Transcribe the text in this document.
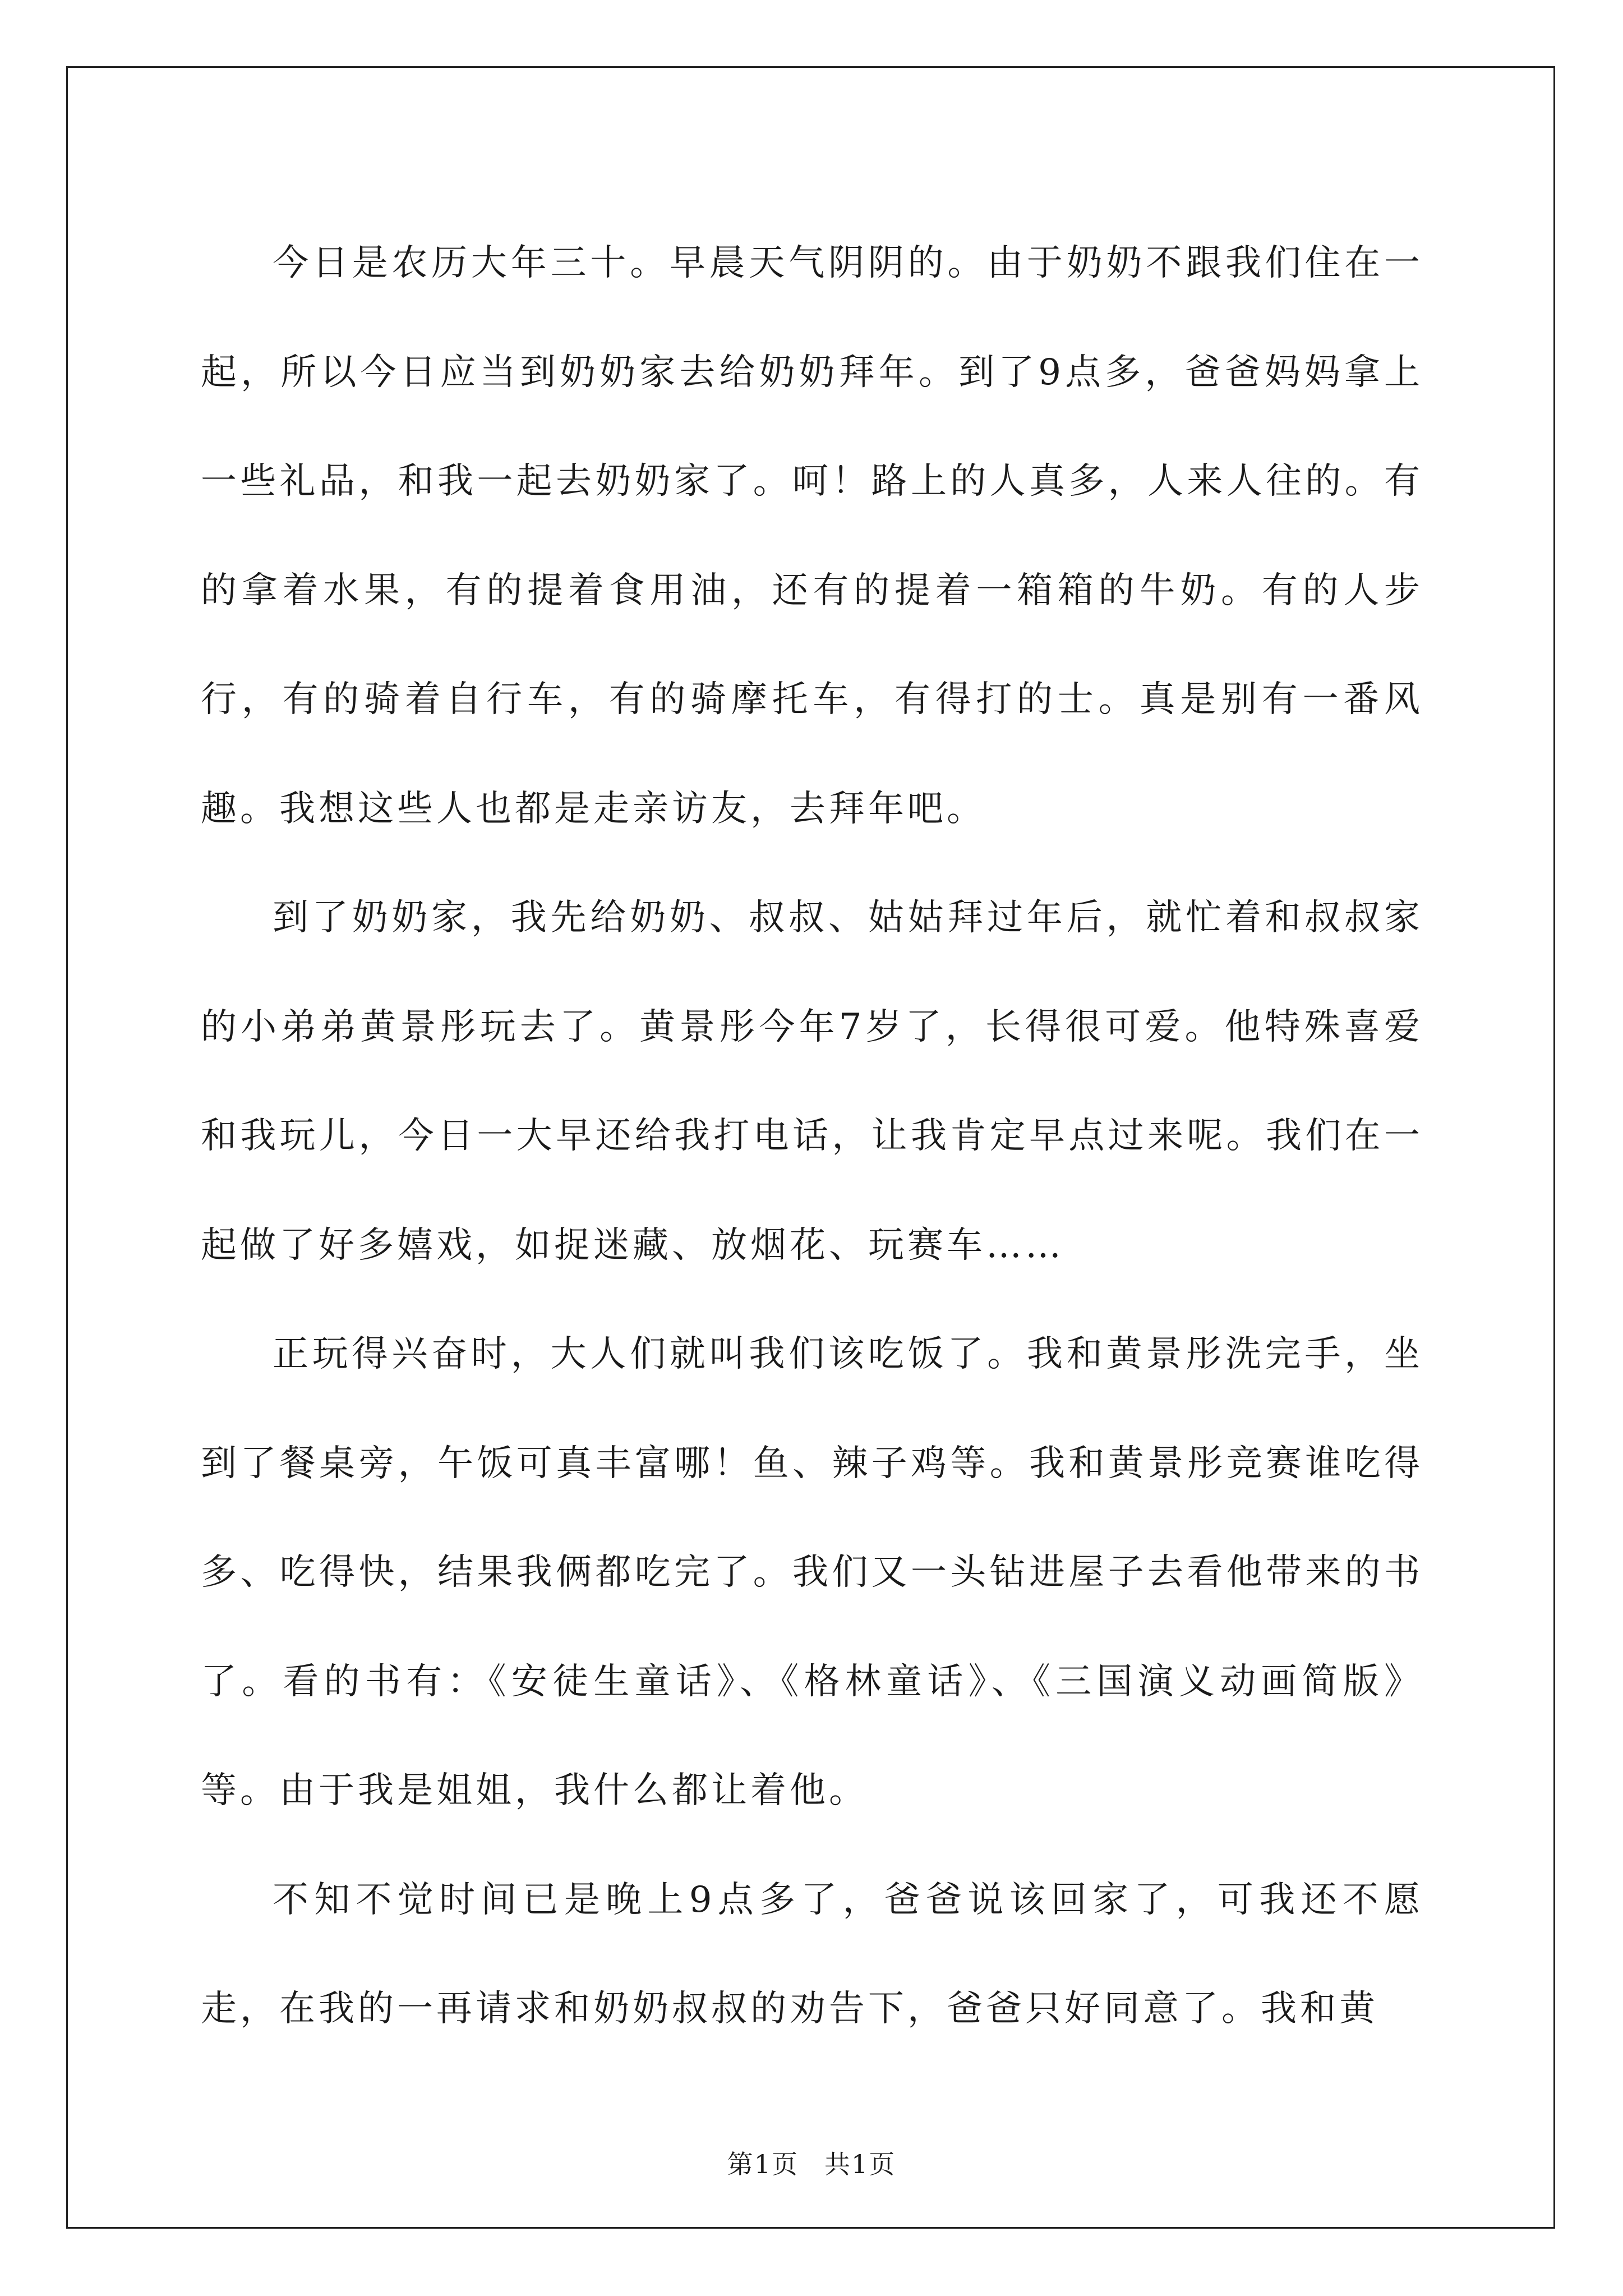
今日是农历大年三十。早晨天气阴阴的。由于奶奶不跟我们住在一起，所以今日应当到奶奶家去给奶奶拜年。到了9点多，爸爸妈妈拿上一些礼品，和我一起去奶奶家了。呵！路上的人真多，人来人往的。有的拿着水果，有的提着食用油，还有的提着一箱箱的牛奶。有的人步行，有的骑着自行车，有的骑摩托车，有得打的士。真是别有一番风趣。我想这些人也都是走亲访友，去拜年吧。

到了奶奶家，我先给奶奶、叔叔、姑姑拜过年后，就忙着和叔叔家的小弟弟黄景彤玩去了。黄景彤今年7岁了，长得很可爱。他特殊喜爱和我玩儿，今日一大早还给我打电话，让我肯定早点过来呢。我们在一起做了好多嬉戏，如捉迷藏、放烟花、玩赛车……

正玩得兴奋时，大人们就叫我们该吃饭了。我和黄景彤洗完手，坐到了餐桌旁，午饭可真丰富哪！鱼、辣子鸡等。我和黄景彤竞赛谁吃得多、吃得快，结果我俩都吃完了。我们又一头钻进屋子去看他带来的书了。看的书有：《安徒生童话》、《格林童话》、《三国演义动画简版》等。由于我是姐姐，我什么都让着他。

不知不觉时间已是晚上9点多了，爸爸说该回家了，可我还不愿走，在我的一再请求和奶奶叔叔的劝告下，爸爸只好同意了。我和黄

第1页 共1页
